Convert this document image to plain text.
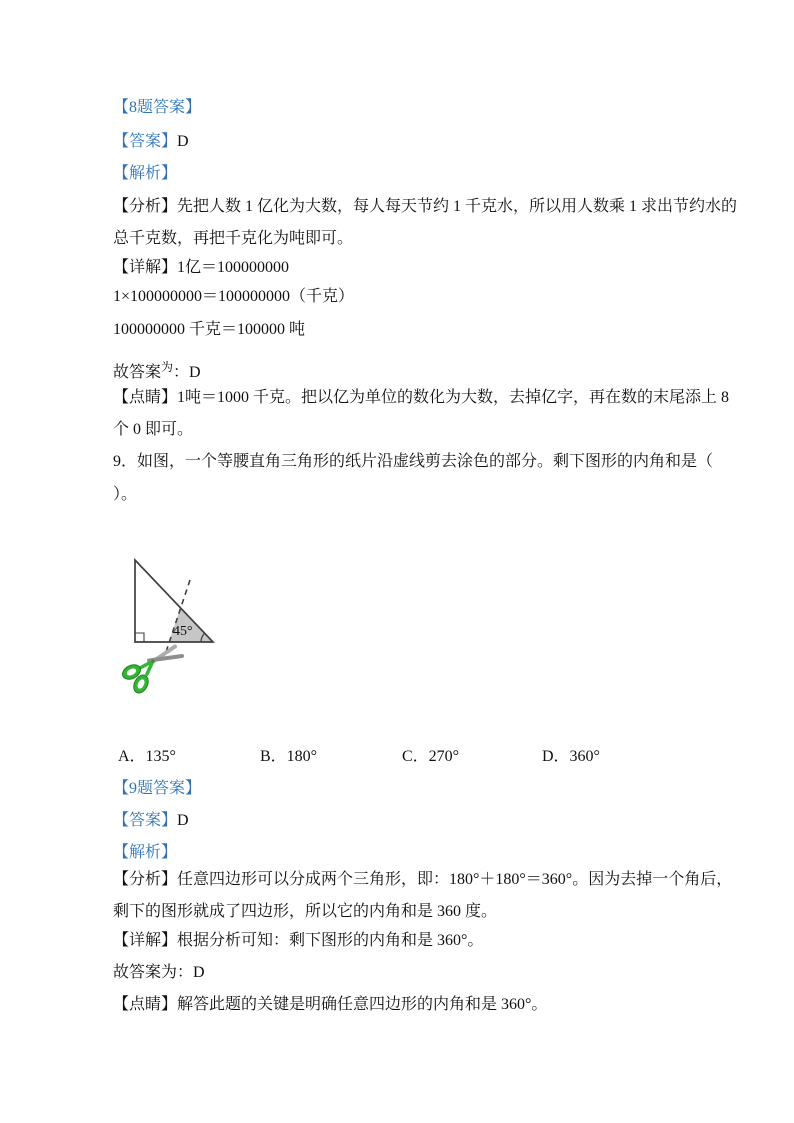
【8题答案】
【答案】D
【解析】
【分析】先把人数 1 亿化为大数，每人每天节约 1 千克水，所以用人数乘 1 求出节约水的
总千克数，再把千克化为吨即可。
【详解】1亿＝100000000
1×100000000＝100000000（千克）
100000000 千克＝100000 吨
故答案$^为$：D
【点睛】1吨＝1000 千克。把以亿为单位的数化为大数，去掉亿字，再在数的末尾添上 8
个 0 即可。
9．如图，一个等腰直角三角形的纸片沿虚线剪去涂色的部分。剩下图形的内角和是（
）。
45°
A．135°	B．180°	C．270°	D．360°
【9题答案】
【答案】D
【解析】
【分析】任意四边形可以分成两个三角形，即：180°＋180°＝360°。因为去掉一个角后，
剩下的图形就成了四边形，所以它的内角和是 360 度。
【详解】根据分析可知：剩下图形的内角和是 360°。
故答案为：D
【点睛】解答此题的关键是明确任意四边形的内角和是 360°。
